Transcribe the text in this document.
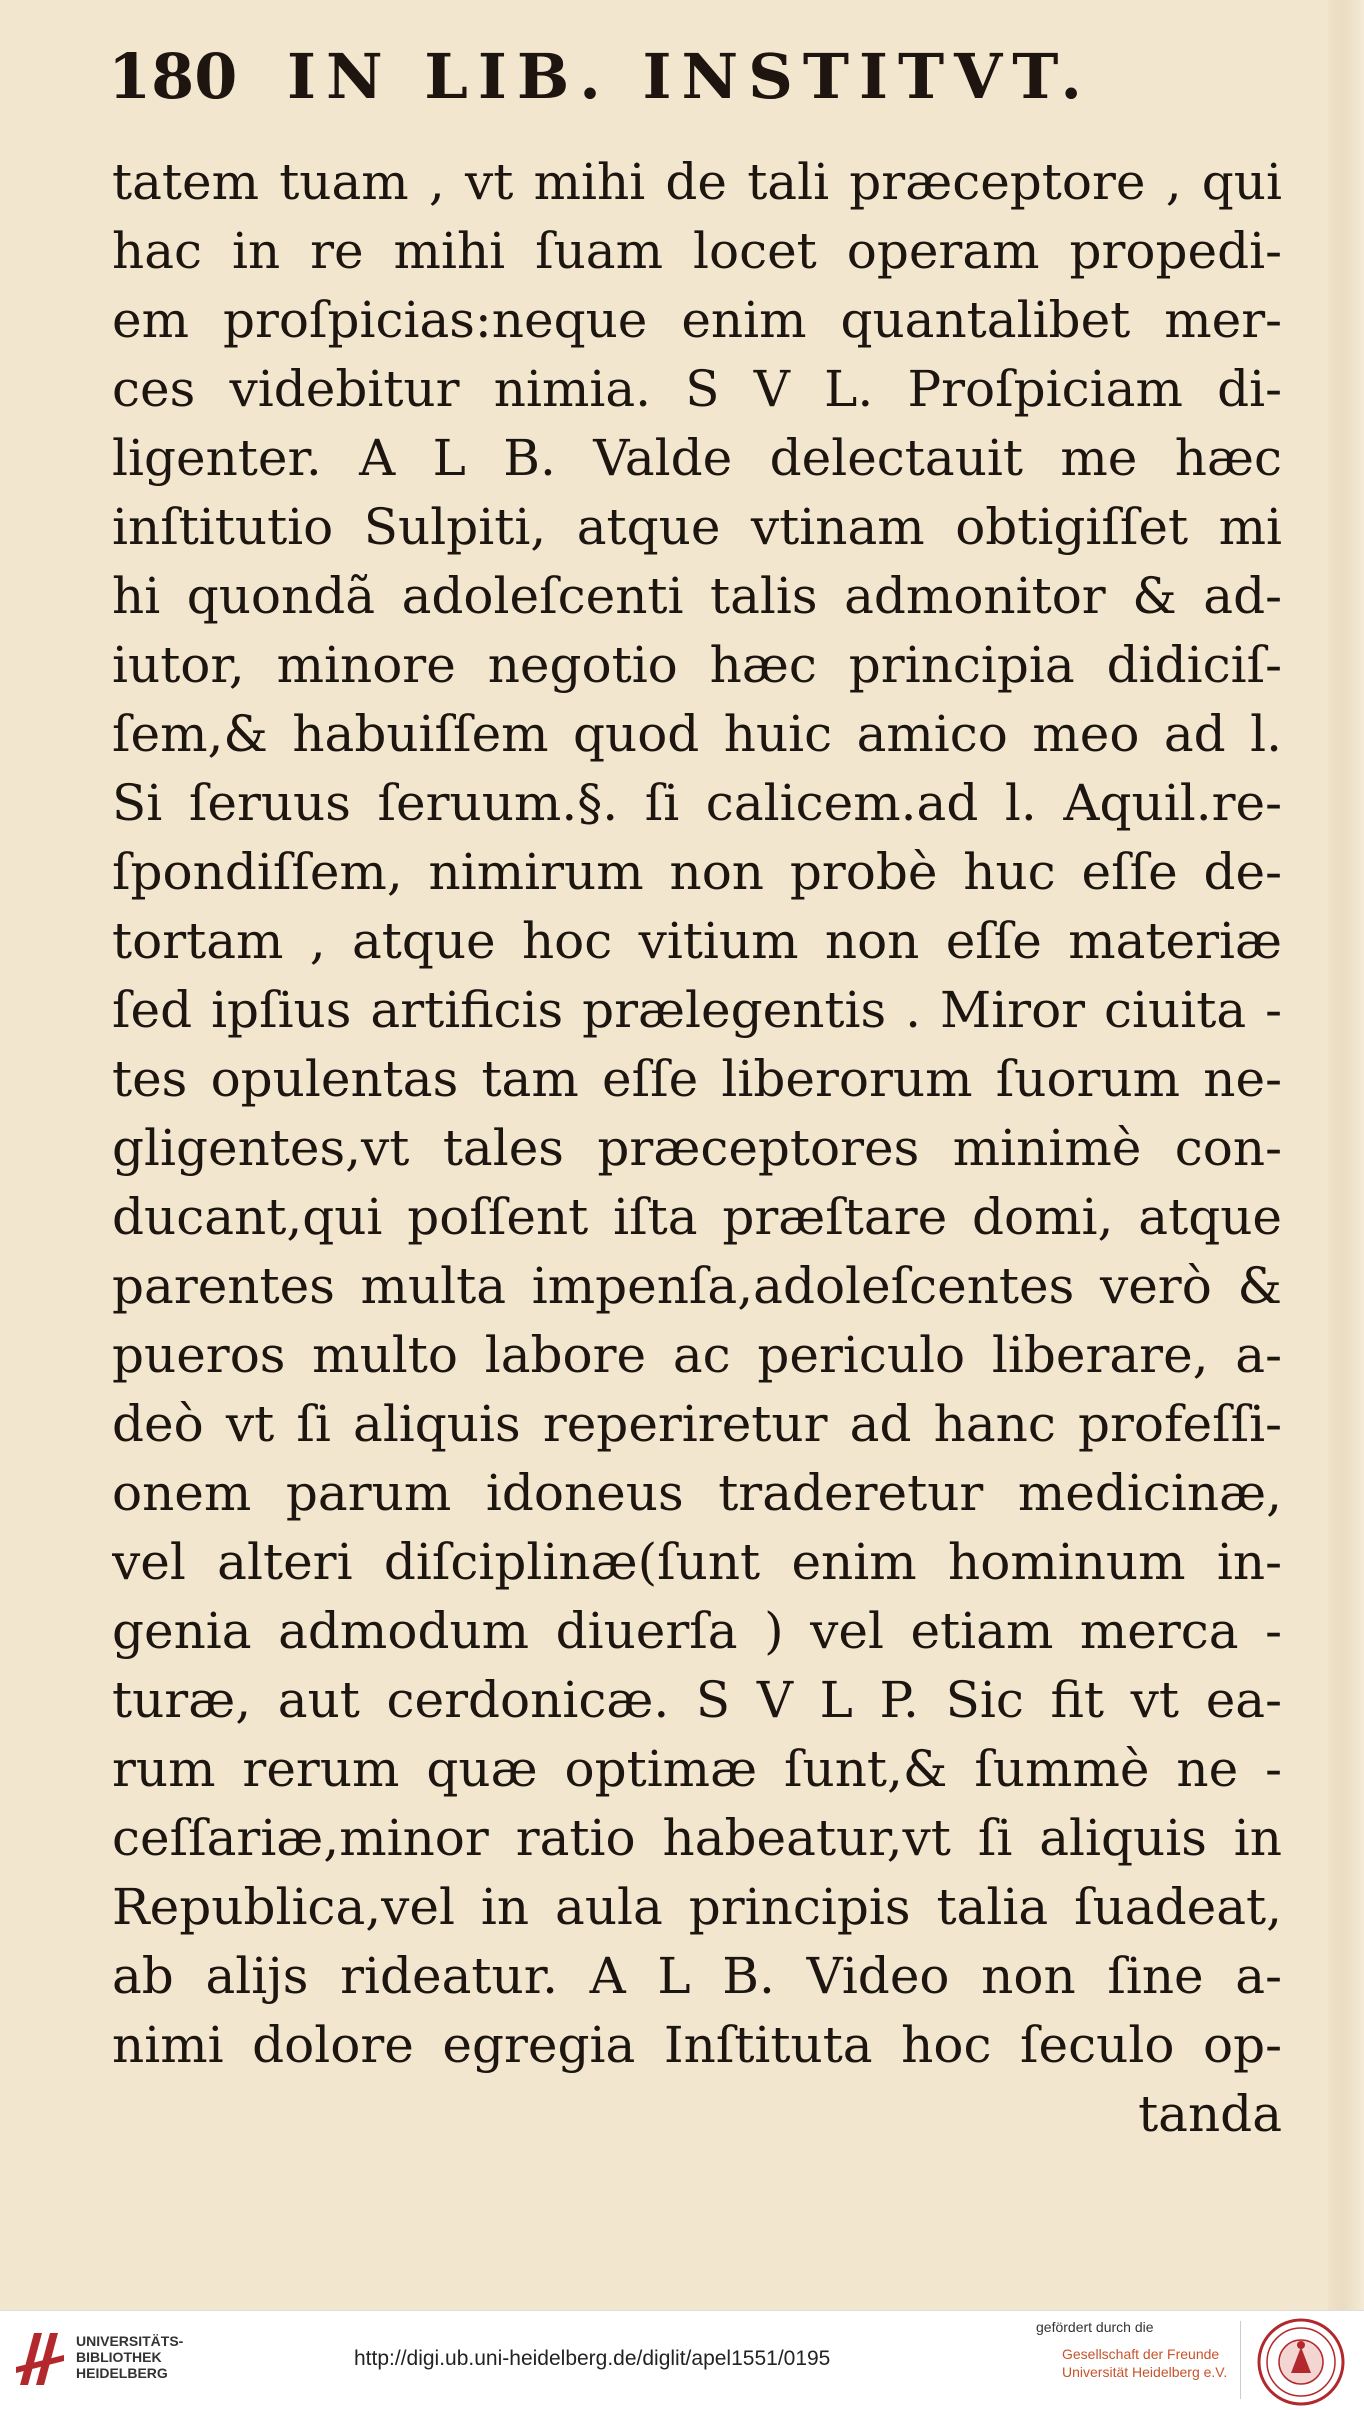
180 IN LIB. INSTITVT.
tatem tuam , vt mihi de tali præceptore , qui
hac in re mihi ſuam locet operam propedi-
em proſpicias:neque enim quantalibet mer-
ces videbitur nimia. S V L. Proſpiciam di-
ligenter. A L B. Valde delectauit me hæc
inſtitutio Sulpiti, atque vtinam obtigiſſet mi
hi quondã adoleſcenti talis admonitor & ad-
iutor, minore negotio hæc principia didiciſ-
ſem,& habuiſſem quod huic amico meo ad l.
Si ſeruus ſeruum.§. ſi calicem.ad l. Aquil.re-
ſpondiſſem, nimirum non probè huc eſſe de-
tortam , atque hoc vitium non eſſe materiæ
ſed ipſius artificis prælegentis . Miror ciuita -
tes opulentas tam eſſe liberorum ſuorum ne-
gligentes,vt tales præceptores minimè con-
ducant,qui poſſent iſta præſtare domi, atque
parentes multa impenſa,adoleſcentes verò &
pueros multo labore ac periculo liberare, a-
deò vt ſi aliquis reperiretur ad hanc profeſſi-
onem parum idoneus traderetur medicinæ,
vel alteri diſciplinæ(ſunt enim hominum in-
genia admodum diuerſa ) vel etiam merca -
turæ, aut cerdonicæ. S V L P. Sic fit vt ea-
rum rerum quæ optimæ ſunt,& ſummè ne -
ceſſariæ,minor ratio habeatur,vt ſi aliquis in
Republica,vel in aula principis talia ſuadeat,
ab alijs rideatur. A L B. Video non ſine a-
nimi dolore egregia Inſtituta hoc ſeculo op-
tanda
UNIVERSITÄTS-
BIBLIOTHEK
HEIDELBERG
http://digi.ub.uni-heidelberg.de/diglit/apel1551/0195
gefördert durch die
Gesellschaft der Freunde
Universität Heidelberg e.V.
